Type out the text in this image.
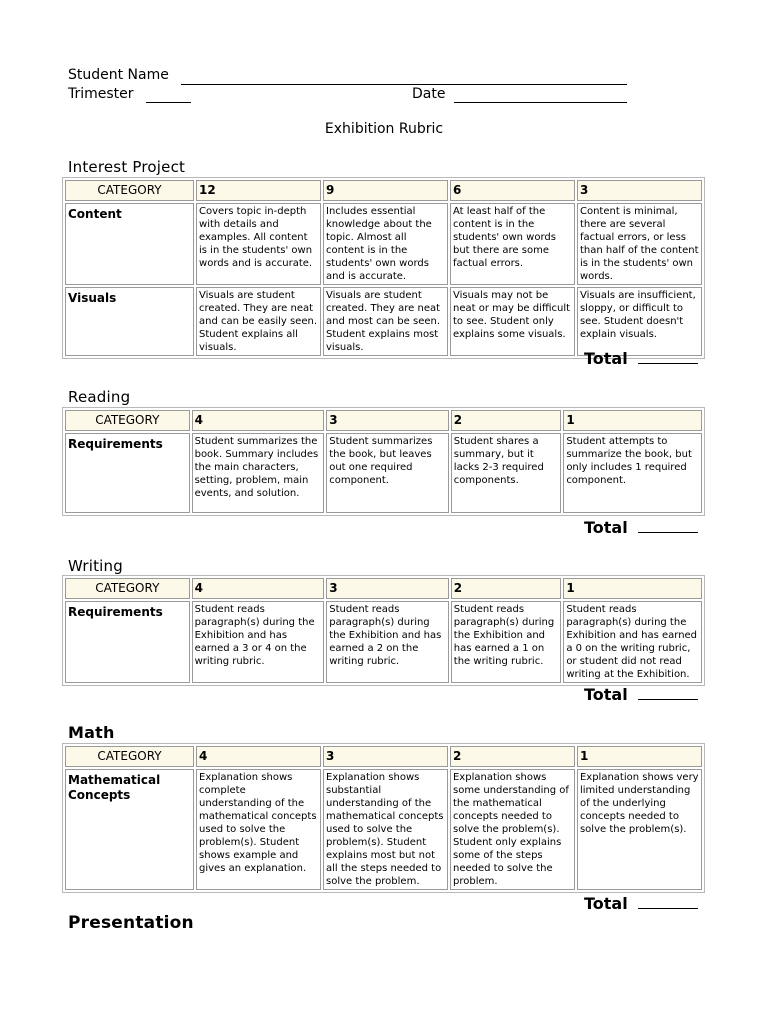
Student Name
Trimester	Date
Exhibition Rubric
Interest Project
CATEGORY	12	9	6	3
Content	Covers topic in-depth with details and examples. All content is in the students' own words and is accurate.	Includes essential knowledge about the topic. Almost all content is in the students' own words and is accurate.	At least half of the content is in the students' own words but there are some factual errors.	Content is minimal, there are several factual errors, or less than half of the content is in the students' own words.
Visuals	Visuals are student created. They are neat and can be easily seen. Student explains all visuals.	Visuals are student created. They are neat and most can be seen. Student explains most visuals.	Visuals may not be neat or may be difficult to see. Student only explains some visuals.	Visuals are insufficient, sloppy, or difficult to see. Student doesn't explain visuals.
Total
Reading
CATEGORY	4	3	2	1
Requirements	Student summarizes the book. Summary includes the main characters, setting, problem, main events, and solution.	Student summarizes the book, but leaves out one required component.	Student shares a summary, but it lacks 2-3 required components.	Student attempts to summarize the book, but only includes 1 required component.
Total
Writing
CATEGORY	4	3	2	1
Requirements	Student reads paragraph(s) during the Exhibition and has earned a 3 or 4 on the writing rubric.	Student reads paragraph(s) during the Exhibition and has earned a 2 on the writing rubric.	Student reads paragraph(s) during the Exhibition and has earned a 1 on the writing rubric.	Student reads paragraph(s) during the Exhibition and has earned a 0 on the writing rubric, or student did not read writing at the Exhibition.
Total
Math
CATEGORY	4	3	2	1
Mathematical Concepts	Explanation shows complete understanding of the mathematical concepts used to solve the problem(s). Student shows example and gives an explanation.	Explanation shows substantial understanding of the mathematical concepts used to solve the problem(s). Student explains most but not all the steps needed to solve the problem.	Explanation shows some understanding of the mathematical concepts needed to solve the problem(s). Student only explains some of the steps needed to solve the problem.	Explanation shows very limited understanding of the underlying concepts needed to solve the problem(s).
Total
Presentation
